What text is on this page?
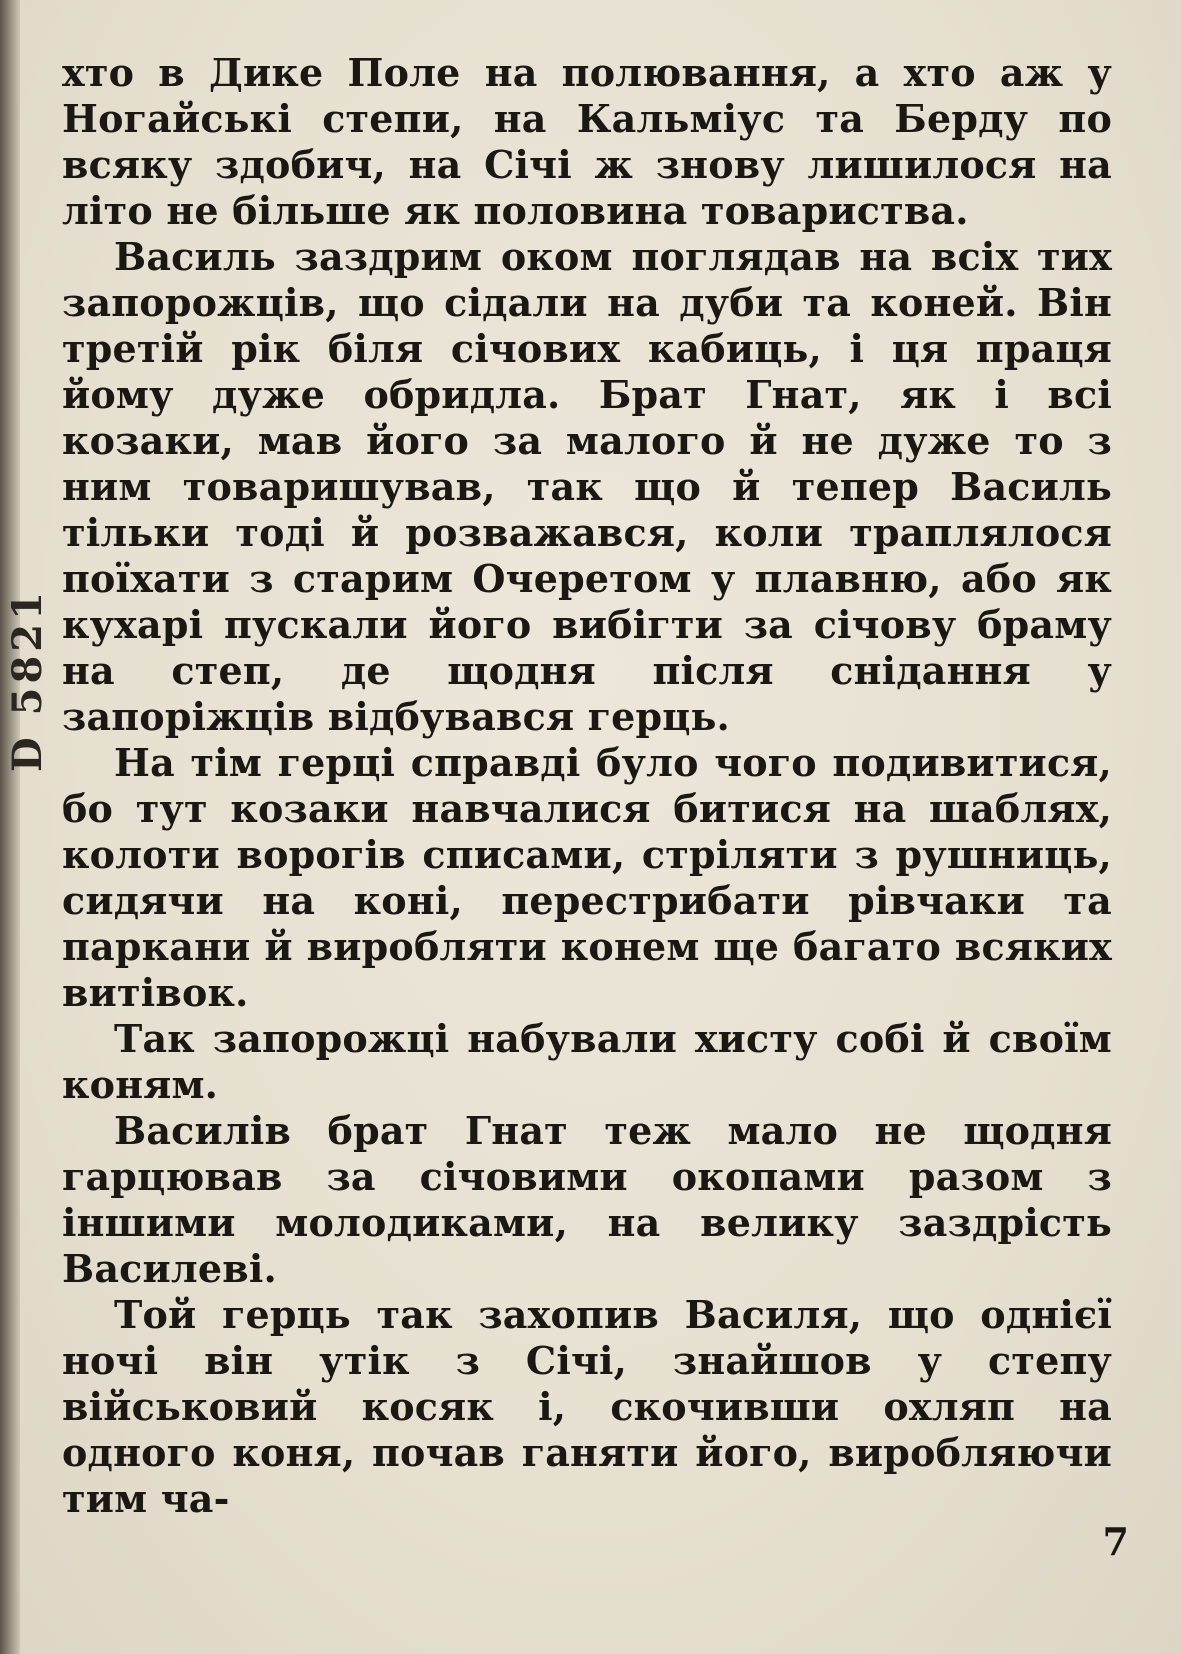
D 5821

хто в Дике Поле на полювання, а хто аж у Ногайські степи, на Кальміус та Берду по всяку здобич, на Січі ж знову лишилося на літо не більше як половина товариства.

Василь заздрим оком поглядав на всіх тих запорожців, що сідали на дуби та коней. Він третій рік біля січових кабиць, і ця праця йому дуже обридла. Брат Гнат, як і всі козаки, мав його за малого й не дуже то з ним товаришував, так що й тепер Василь тільки тоді й розважався, коли траплялося поїхати з старим Очеретом у плавню, або як кухарі пускали його вибігти за січову браму на степ, де щодня після снідання у запоріжців відбувався герць.

На тім герці справді було чого подивитися, бо тут козаки навчалися битися на шаблях, колоти ворогів списами, стріляти з рушниць, сидячи на коні, перестрибати рівчаки та паркани й виробляти конем ще багато всяких витівок.

Так запорожці набували хисту собі й своїм коням.

Василів брат Гнат теж мало не щодня гарцював за січовими окопами разом з іншими молодиками, на велику заздрість Василеві.

Той герць так захопив Василя, що однієї ночі він утік з Січі, знайшов у степу військовий косяк і, скочивши охляп на одного коня, почав ганяти його, виробляючи тим ча-

7
